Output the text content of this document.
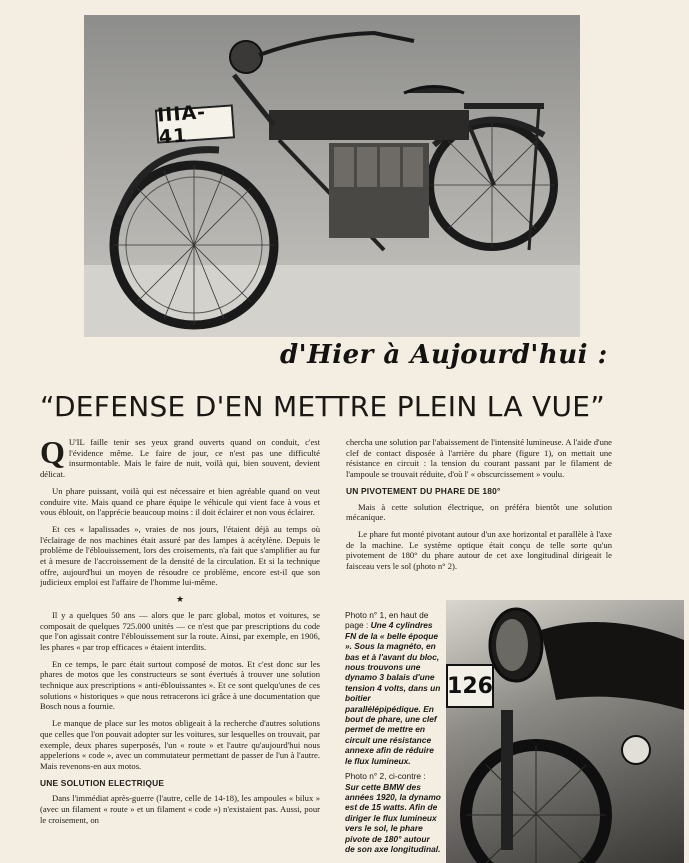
IIIA-41
d'Hier à Aujourd'hui :
“DEFENSE D'EN METTRE PLEIN LA VUE”

Q U'IL faille tenir ses yeux grand ouverts quand on conduit, c'est l'évidence même. Le faire de jour, ce n'est pas une difficulté insurmontable. Mais le faire de nuit, voilà qui, bien souvent, devient délicat.

Un phare puissant, voilà qui est nécessaire et bien agréable quand on veut conduire vite. Mais quand ce phare équipe le véhicule qui vient face à vous et vous éblouit, on l'apprécie beaucoup moins : il doit éclairer et non vous éclairer.

Et ces « lapalissades », vraies de nos jours, l'étaient déjà au temps où l'éclairage de nos machines était assuré par des lampes à acétylène. Depuis le problème de l'éblouissement, lors des croisements, n'a fait que s'amplifier au fur et à mesure de l'accroissement de la densité de la circulation. Et si la technique offre, aujourd'hui un moyen de résoudre ce problème, encore est-il que son judicieux emploi est l'affaire de l'homme lui-même.

★

Il y a quelques 50 ans — alors que le parc global, motos et voitures, se composait de quelques 725.000 unités — ce n'est que par prescriptions du code que l'on agissait contre l'éblouissement sur la route. Ainsi, par exemple, en 1906, les phares « par trop efficaces » étaient interdits.

En ce temps, le parc était surtout composé de motos. Et c'est donc sur les phares de motos que les constructeurs se sont évertués à trouver une solution technique aux prescriptions « anti-éblouissantes ». Et ce sont quelqu'unes de ces solutions « historiques » que nous retracerons ici grâce à une documentation que Bosch nous a fournie.

Le manque de place sur les motos obligeait à la recherche d'autres solutions que celles que l'on pouvait adopter sur les voitures, sur lesquelles on trouvait, par exemple, deux phares superposés, l'un « route » et l'autre qu'aujourd'hui nous appelerions « code », avec un commutateur permettant de passer de l'un à l'autre. Mais revenons-en aux motos.

UNE SOLUTION ELECTRIQUE

Dans l'immédiat après-guerre (l'autre, celle de 14-18), les ampoules « bilux » (avec un filament « route » et un filament « code ») n'existaient pas. Aussi, pour le croisement, on

chercha une solution par l'abaissement de l'intensité lumineuse. A l'aide d'une clef de contact disposée à l'arrière du phare (figure 1), on mettait une résistance en circuit : la tension du courant passant par le filament de l'ampoule se trouvait réduite, d'où l' « obscurcissement » voulu.

UN PIVOTEMENT DU PHARE DE 180°

Mais à cette solution électrique, on préféra bientôt une solution mécanique.

Le phare fut monté pivotant autour d'un axe horizontal et parallèle à l'axe de la machine. Le système optique était conçu de telle sorte qu'un pivotement de 180° du phare autour de cet axe longitudinal dirigeait le faisceau vers le sol (photo n° 2).

Photo n° 1, en haut de page : Une 4 cylindres FN de la « belle époque ». Sous la magnéto, en bas et à l'avant du bloc, nous trouvons une dynamo 3 balais d'une tension 4 volts, dans un boitier parallélépipédique. En bout de phare, une clef permet de mettre en circuit une résistance annexe afin de réduire le flux lumineux.

Photo n° 2, ci-contre : Sur cette BMW des années 1920, la dynamo est de 15 watts. Afin de diriger le flux lumineux vers le sol, le phare pivote de 180° autour de son axe longitudinal.

126
